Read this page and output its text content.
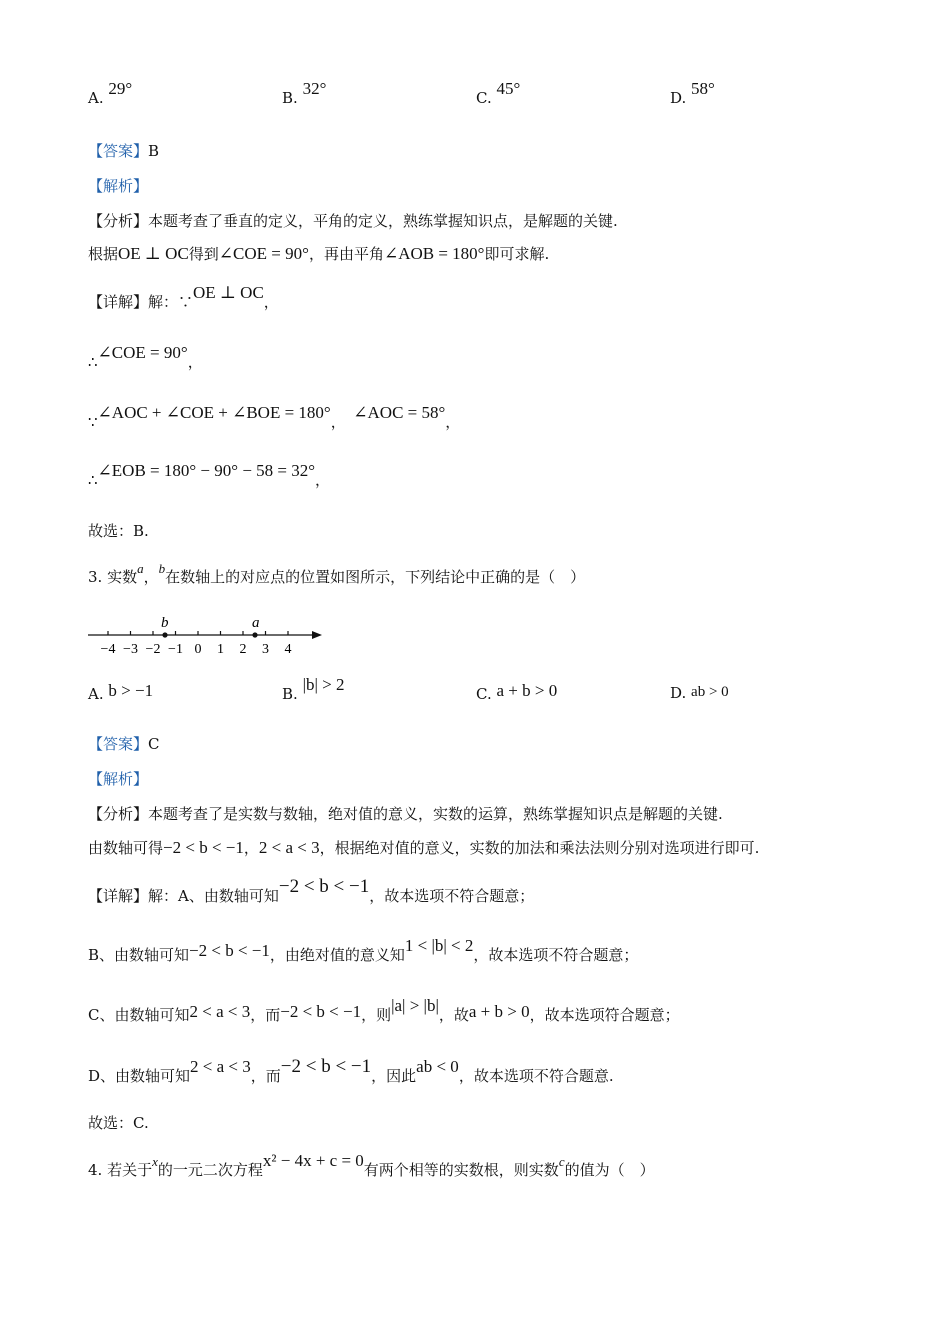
A. 29°	B. 32°	C. 45°	D. 58°
【答案】B
【解析】
【分析】本题考查了垂直的定义，平角的定义，熟练掌握知识点，是解题的关键.
根据OE ⊥ OC得到∠COE = 90°，再由平角∠AOB = 180°即可求解.
【详解】解：∵OE ⊥ OC，
∴∠COE = 90°，
∵∠AOC + ∠COE + ∠BOE = 180°，　 ∠AOC = 58°，
∴∠EOB = 180° − 90° − 58 = 32°，
故选：B.
3. 实数a，b在数轴上的对应点的位置如图所示，下列结论中正确的是（　）
−4 −3 −2 −1 0 1 2 3 4
b	a
A. b > −1	B. |b| > 2	C. a + b > 0	D. ab > 0
【答案】C
【解析】
【分析】本题考查了是实数与数轴，绝对值的意义，实数的运算，熟练掌握知识点是解题的关键.
由数轴可得−2 < b < −1，2 < a < 3，根据绝对值的意义，实数的加法和乘法法则分别对选项进行即可.
【详解】解：A、由数轴可知−2 < b < −1，故本选项不符合题意；
B、由数轴可知−2 < b < −1，由绝对值的意义知1 < |b| < 2，故本选项不符合题意；
C、由数轴可知2 < a < 3，而−2 < b < −1，则|a| > |b|，故a + b > 0，故本选项符合题意；
D、由数轴可知2 < a < 3，而−2 < b < −1，因此ab < 0，故本选项不符合题意.
故选：C.
4. 若关于x的一元二次方程x² − 4x + c = 0有两个相等的实数根，则实数c的值为（　）
